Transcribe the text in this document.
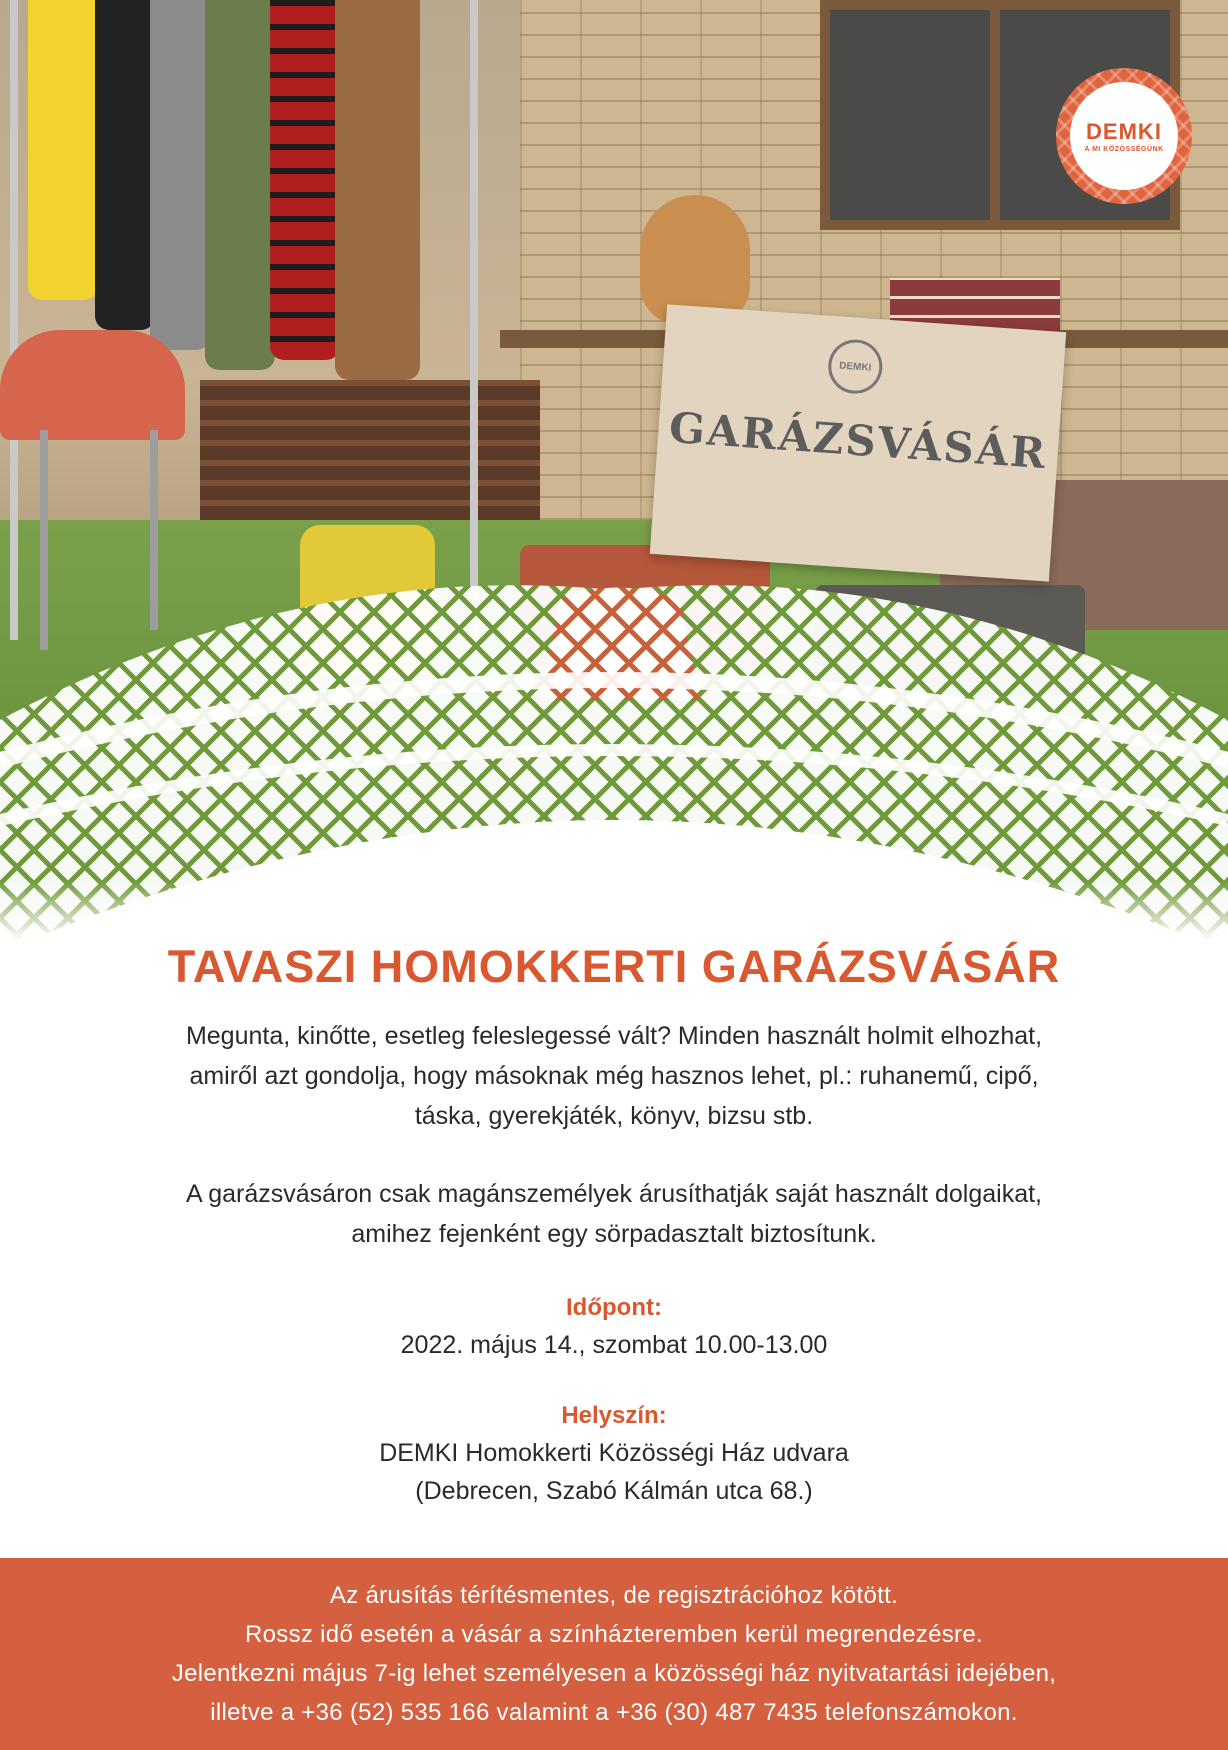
DEMKI
GARÁZSVÁSÁR
DEMKI
A MI KÖZÖSSÉGÜNK
TAVASZI HOMOKKERTI GARÁZSVÁSÁR
Megunta, kinőtte, esetleg feleslegessé vált? Minden használt holmit elhozhat,
amiről azt gondolja, hogy másoknak még hasznos lehet, pl.: ruhanemű, cipő,
táska, gyerekjáték, könyv, bizsu stb.
A garázsvásáron csak magánszemélyek árusíthatják saját használt dolgaikat,
amihez fejenként egy sörpadasztalt biztosítunk.
Időpont:
2022. május 14., szombat 10.00-13.00
Helyszín:
DEMKI Homokkerti Közösségi Ház udvara
(Debrecen, Szabó Kálmán utca 68.)
Az árusítás térítésmentes, de regisztrációhoz kötött.
Rossz idő esetén a vásár a színházteremben kerül megrendezésre.
Jelentkezni május 7-ig lehet személyesen a közösségi ház nyitvatartási idejében,
illetve a +36 (52) 535 166 valamint a +36 (30) 487 7435 telefonszámokon.
